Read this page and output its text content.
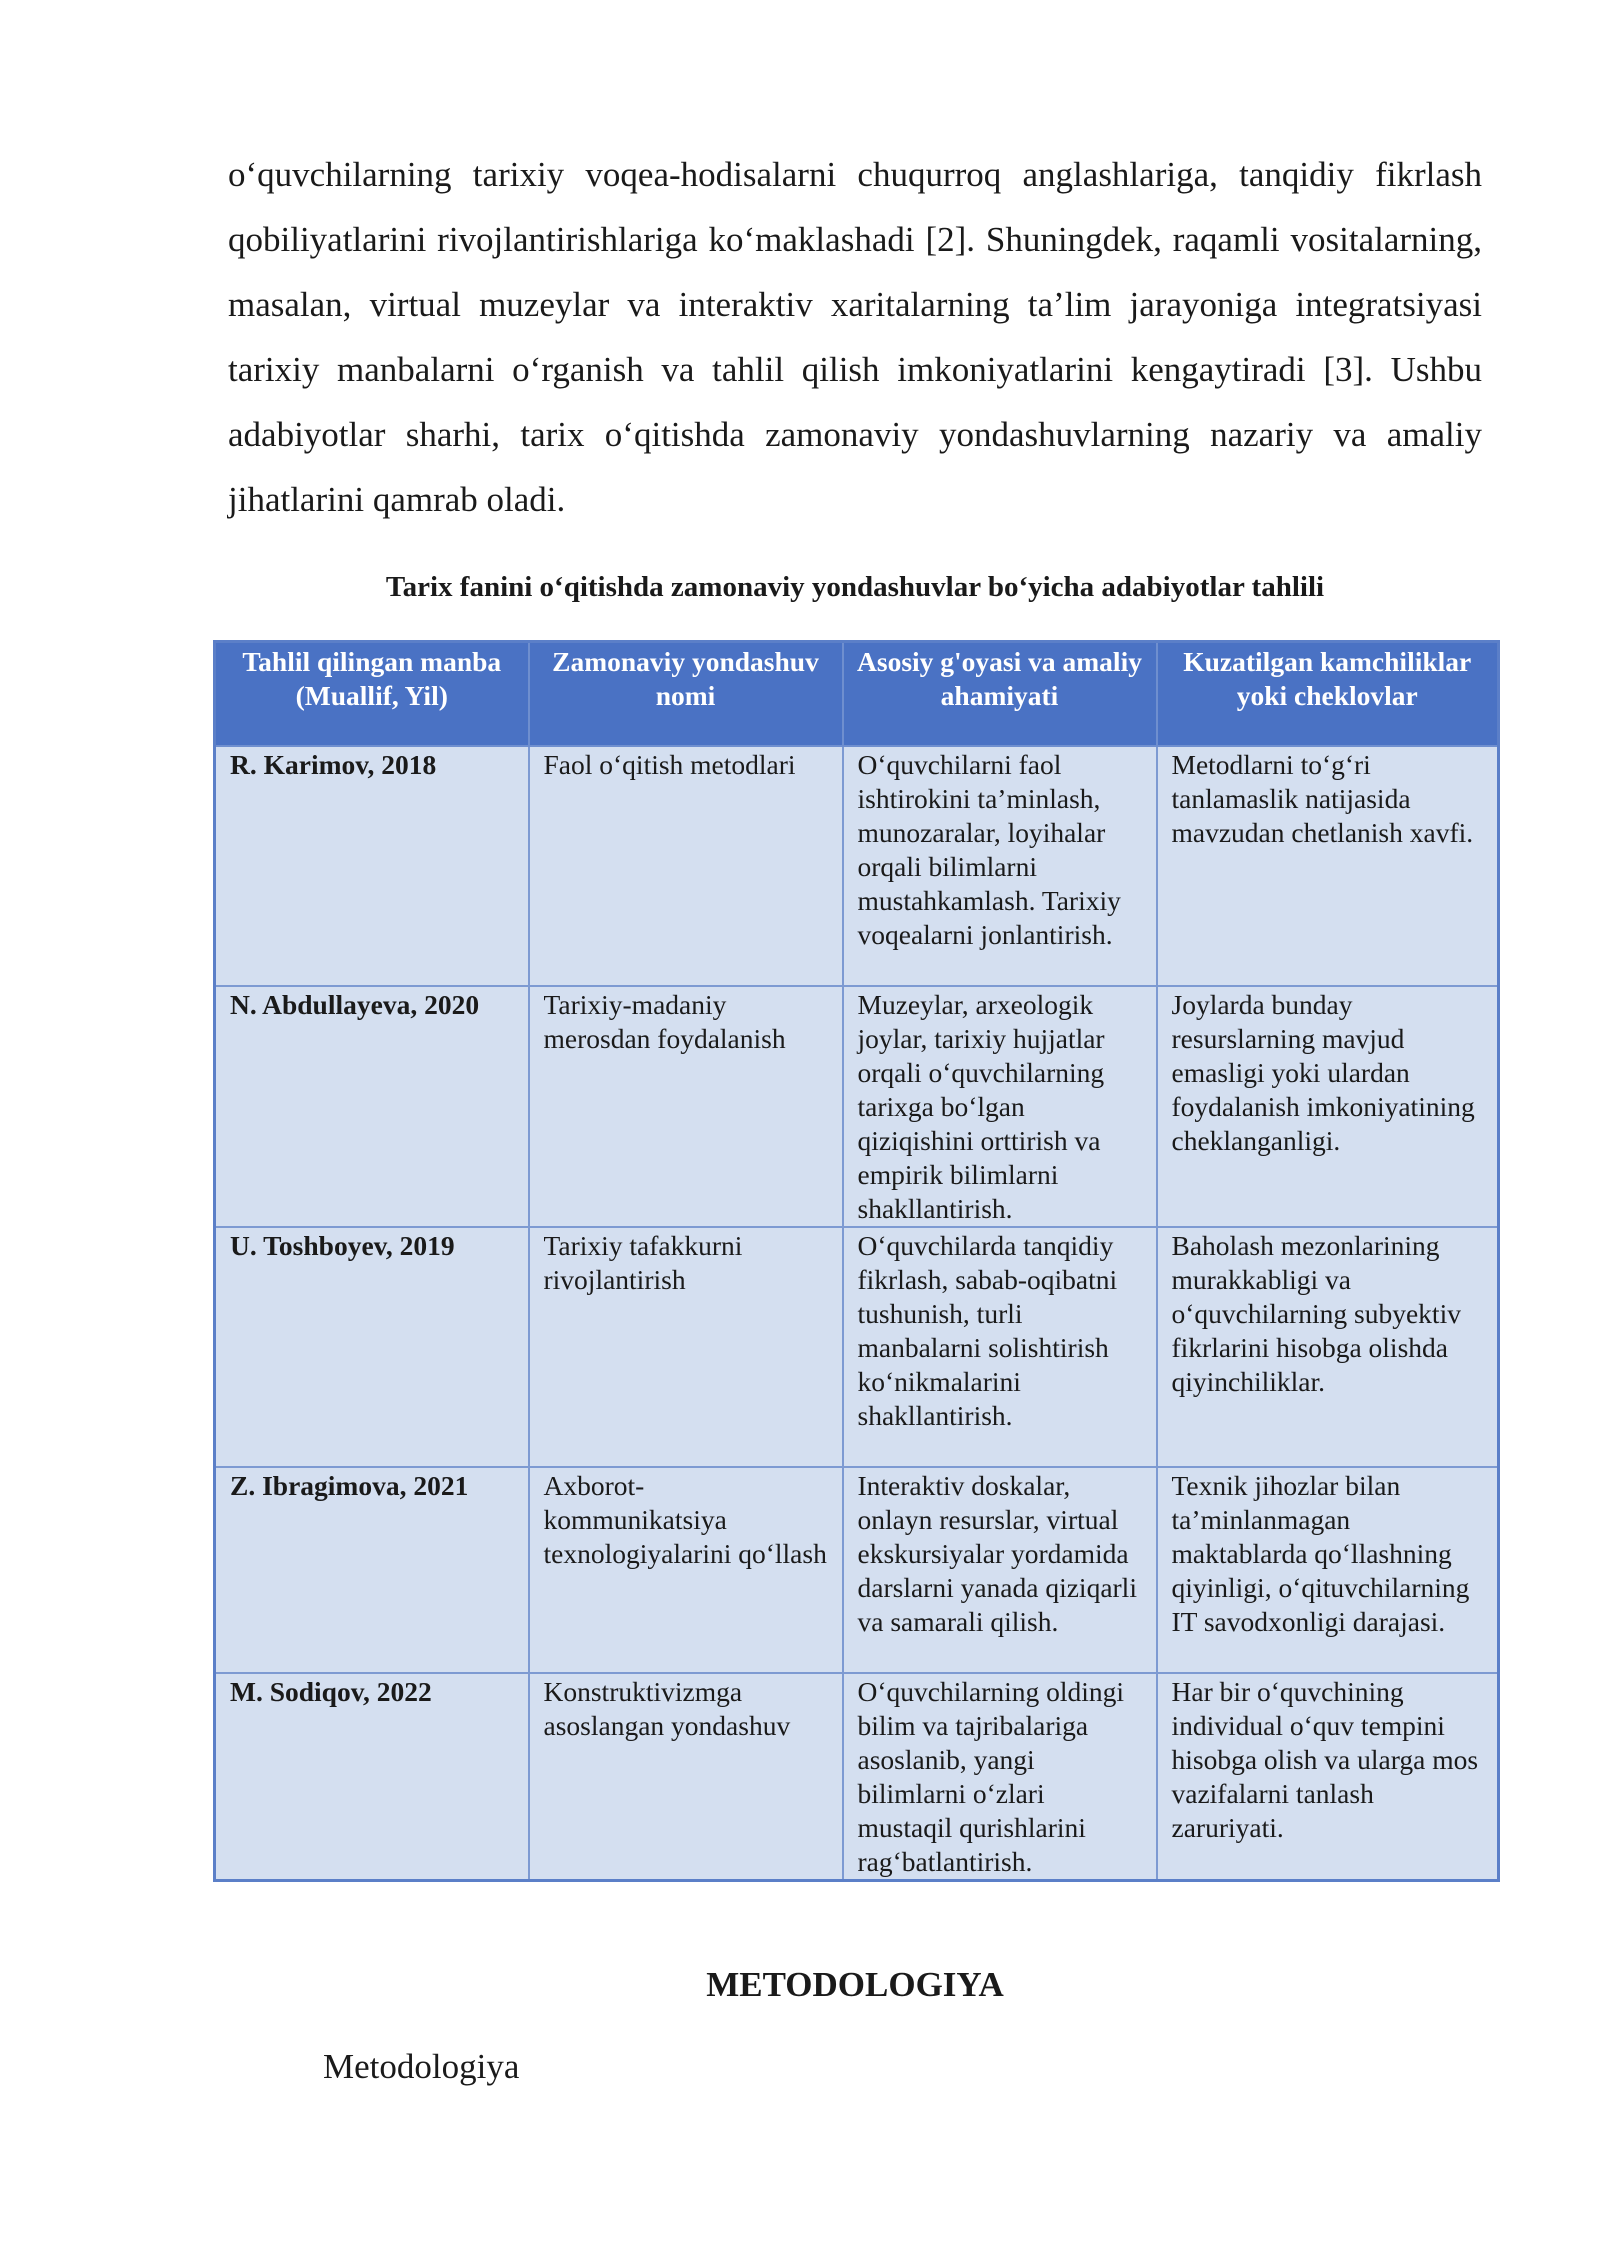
o‘quvchilarning tarixiy voqea-hodisalarni chuqurroq anglashlariga, tanqidiy fikrlash qobiliyatlarini rivojlantirishlariga ko‘maklashadi [2]. Shuningdek, raqamli vositalarning, masalan, virtual muzeylar va interaktiv xaritalarning ta’lim jarayoniga integratsiyasi tarixiy manbalarni o‘rganish va tahlil qilish imkoniyatlarini kengaytiradi [3]. Ushbu adabiyotlar sharhi, tarix o‘qitishda zamonaviy yondashuvlarning nazariy va amaliy jihatlarini qamrab oladi.

Tarix fanini o‘qitishda zamonaviy yondashuvlar bo‘yicha adabiyotlar tahlili

Tahlil qilingan manba (Muallif, Yil)	Zamonaviy yondashuv nomi	Asosiy g'oyasi va amaliy ahamiyati	Kuzatilgan kamchiliklar yoki cheklovlar
R. Karimov, 2018	Faol o‘qitish metodlari	O‘quvchilarni faol ishtirokini ta’minlash, munozaralar, loyihalar orqali bilimlarni mustahkamlash. Tarixiy voqealarni jonlantirish.	Metodlarni to‘g‘ri tanlamaslik natijasida mavzudan chetlanish xavfi.
N. Abdullayeva, 2020	Tarixiy-madaniy merosdan foydalanish	Muzeylar, arxeologik joylar, tarixiy hujjatlar orqali o‘quvchilarning tarixga bo‘lgan qiziqishini orttirish va empirik bilimlarni shakllantirish.	Joylarda bunday resurslarning mavjud emasligi yoki ulardan foydalanish imkoniyatining cheklanganligi.
U. Toshboyev, 2019	Tarixiy tafakkurni rivojlantirish	O‘quvchilarda tanqidiy fikrlash, sabab-oqibatni tushunish, turli manbalarni solishtirish ko‘nikmalarini shakllantirish.	Baholash mezonlarining murakkabligi va o‘quvchilarning subyektiv fikrlarini hisobga olishda qiyinchiliklar.
Z. Ibragimova, 2021	Axborot-kommunikatsiya texnologiyalarini qo‘llash	Interaktiv doskalar, onlayn resurslar, virtual ekskursiyalar yordamida darslarni yanada qiziqarli va samarali qilish.	Texnik jihozlar bilan ta’minlanmagan maktablarda qo‘llashning qiyinligi, o‘qituvchilarning IT savodxonligi darajasi.
M. Sodiqov, 2022	Konstruktivizmga asoslangan yondashuv	O‘quvchilarning oldingi bilim va tajribalariga asoslanib, yangi bilimlarni o‘zlari mustaqil qurishlarini rag‘batlantirish.	Har bir o‘quvchining individual o‘quv tempini hisobga olish va ularga mos vazifalarni tanlash zaruriyati.

METODOLOGIYA

Metodologiya
